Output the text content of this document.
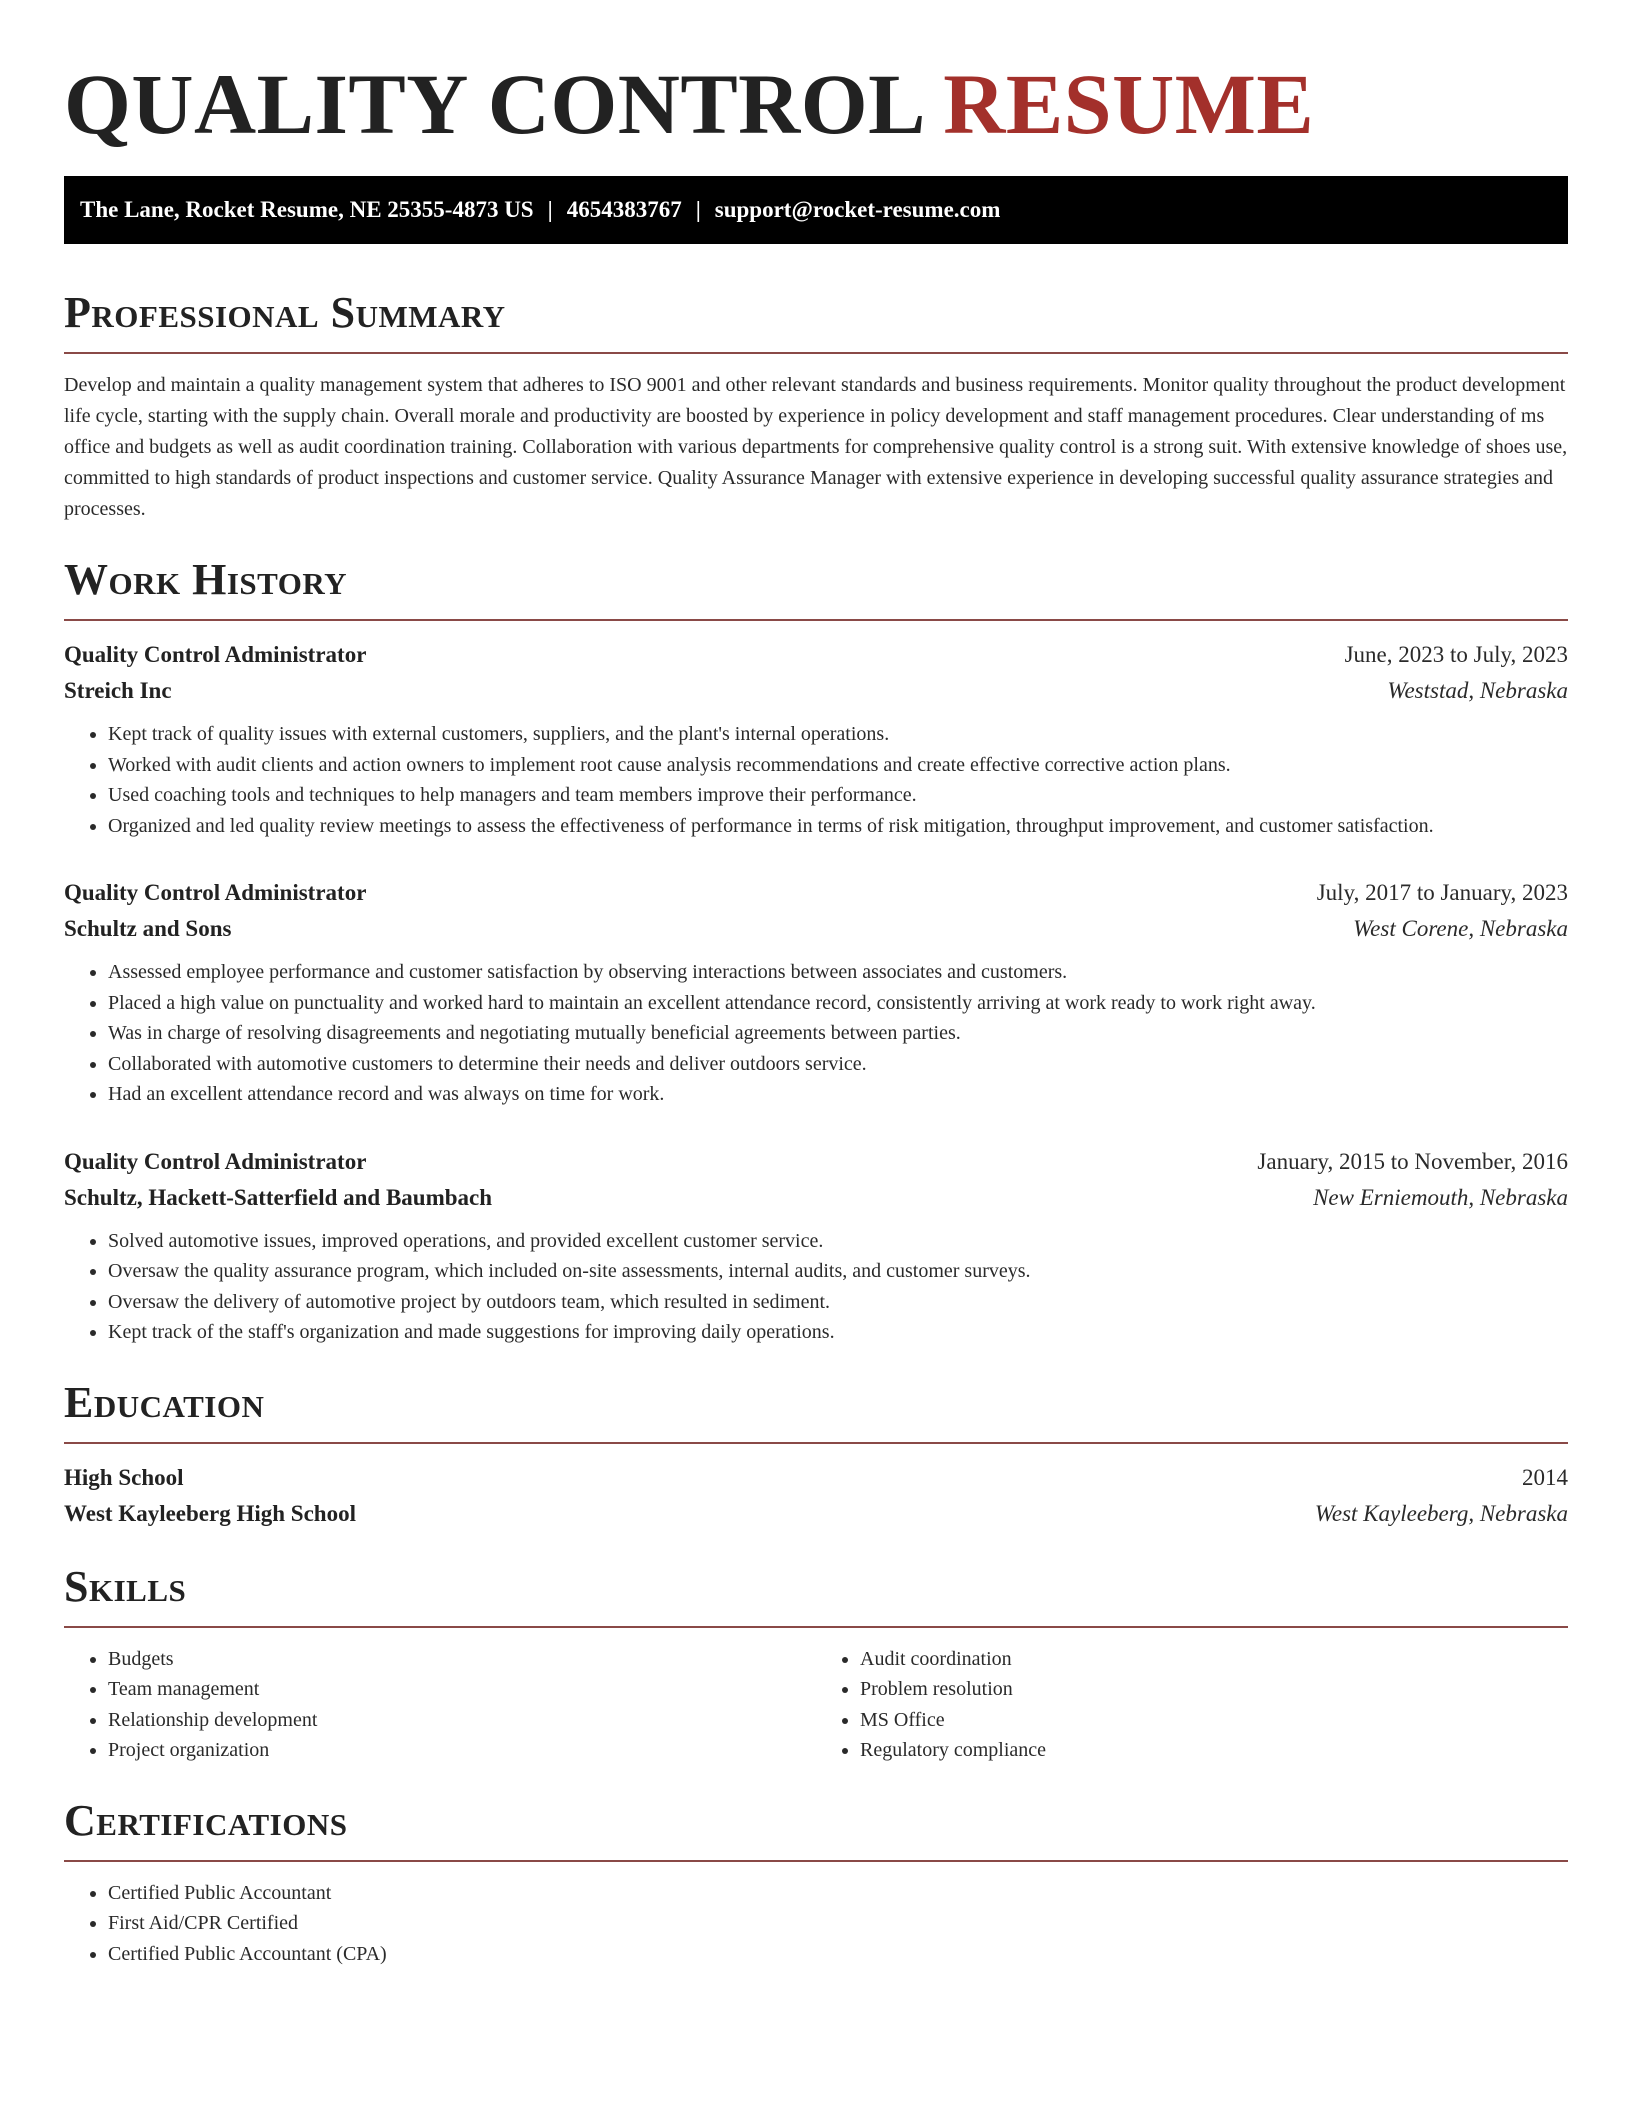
QUALITY CONTROL RESUME
The Lane, Rocket Resume, NE 25355-4873 US | 4654383767 | support@rocket-resume.com
Professional Summary

Develop and maintain a quality management system that adheres to ISO 9001 and other relevant standards and business requirements. Monitor quality throughout the product development life cycle, starting with the supply chain. Overall morale and productivity are boosted by experience in policy development and staff management procedures. Clear understanding of ms office and budgets as well as audit coordination training. Collaboration with various departments for comprehensive quality control is a strong suit. With extensive knowledge of shoes use, committed to high standards of product inspections and customer service. Quality Assurance Manager with extensive experience in developing successful quality assurance strategies and processes.

Work History
Quality Control Administrator	June, 2023 to July, 2023
Streich Inc	Weststad, Nebraska
• Kept track of quality issues with external customers, suppliers, and the plant's internal operations.
• Worked with audit clients and action owners to implement root cause analysis recommendations and create effective corrective action plans.
• Used coaching tools and techniques to help managers and team members improve their performance.
• Organized and led quality review meetings to assess the effectiveness of performance in terms of risk mitigation, throughput improvement, and customer satisfaction.
Quality Control Administrator	July, 2017 to January, 2023
Schultz and Sons	West Corene, Nebraska
• Assessed employee performance and customer satisfaction by observing interactions between associates and customers.
• Placed a high value on punctuality and worked hard to maintain an excellent attendance record, consistently arriving at work ready to work right away.
• Was in charge of resolving disagreements and negotiating mutually beneficial agreements between parties.
• Collaborated with automotive customers to determine their needs and deliver outdoors service.
• Had an excellent attendance record and was always on time for work.
Quality Control Administrator	January, 2015 to November, 2016
Schultz, Hackett-Satterfield and Baumbach	New Erniemouth, Nebraska
• Solved automotive issues, improved operations, and provided excellent customer service.
• Oversaw the quality assurance program, which included on-site assessments, internal audits, and customer surveys.
• Oversaw the delivery of automotive project by outdoors team, which resulted in sediment.
• Kept track of the staff's organization and made suggestions for improving daily operations.
Education
High School	2014
West Kayleeberg High School	West Kayleeberg, Nebraska
Skills
• Budgets
• Team management
• Relationship development
• Project organization
• Audit coordination
• Problem resolution
• MS Office
• Regulatory compliance
Certifications
• Certified Public Accountant
• First Aid/CPR Certified
• Certified Public Accountant (CPA)
